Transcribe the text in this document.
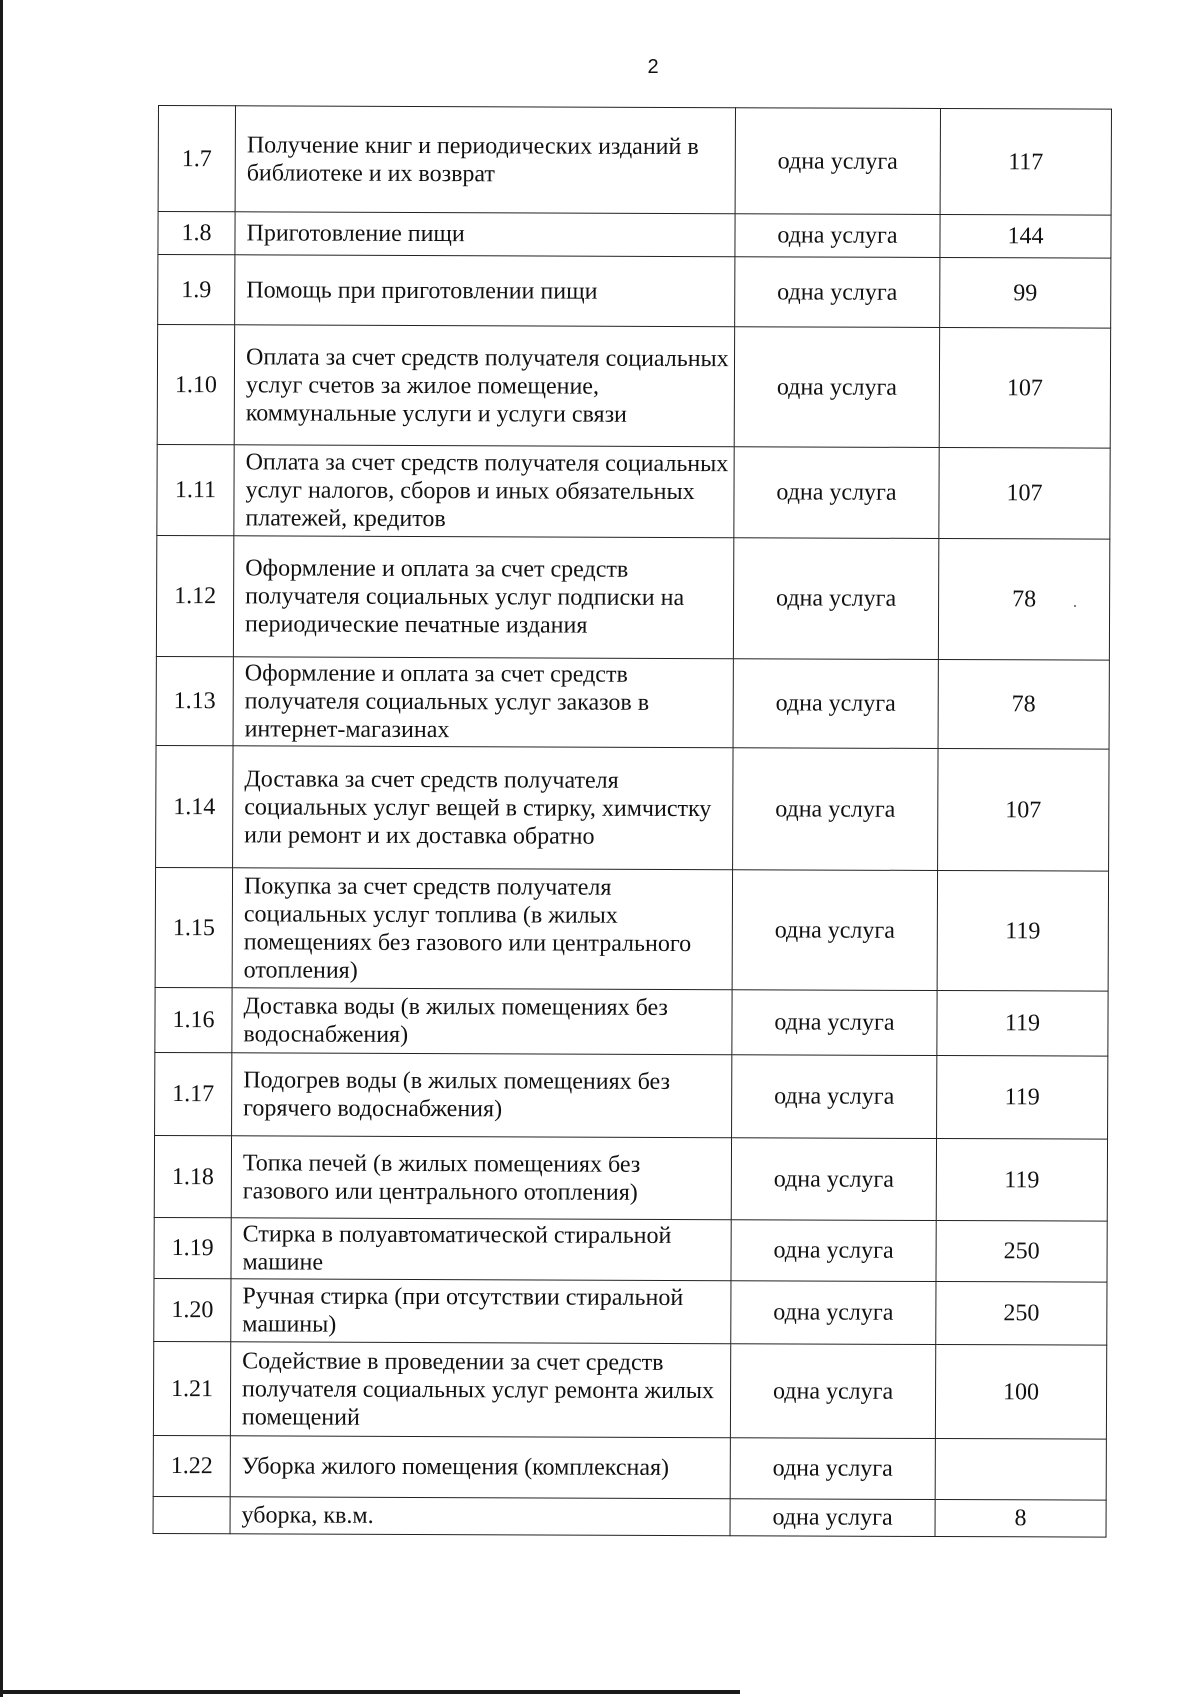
2
1.7	Получение книг и периодических изданий в библиотеке и их возврат	одна услуга	117
1.8	Приготовление пищи	одна услуга	144
1.9	Помощь при приготовлении пищи	одна услуга	99
1.10	Оплата за счет средств получателя социальных услуг счетов за жилое помещение, коммунальные услуги и услуги связи	одна услуга	107
1.11	Оплата за счет средств получателя социальных услуг налогов, сборов и иных обязательных платежей, кредитов	одна услуга	107
1.12	Оформление и оплата за счет средств получателя социальных услуг подписки на периодические печатные издания	одна услуга	78
1.13	Оформление и оплата за счет средств получателя социальных услуг заказов в интернет-магазинах	одна услуга	78
1.14	Доставка за счет средств получателя социальных услуг вещей в стирку, химчистку или ремонт и их доставка обратно	одна услуга	107
1.15	Покупка за счет средств получателя социальных услуг топлива (в жилых помещениях без газового или центрального отопления)	одна услуга	119
1.16	Доставка воды (в жилых помещениях без водоснабжения)	одна услуга	119
1.17	Подогрев воды (в жилых помещениях без горячего водоснабжения)	одна услуга	119
1.18	Топка печей (в жилых помещениях без газового или центрального отопления)	одна услуга	119
1.19	Стирка в полуавтоматической стиральной машине	одна услуга	250
1.20	Ручная стирка (при отсутствии стиральной машины)	одна услуга	250
1.21	Содействие в проведении за счет средств получателя социальных услуг ремонта жилых помещений	одна услуга	100
1.22	Уборка жилого помещения (комплексная)	одна услуга	
	уборка, кв.м.	одна услуга	8
